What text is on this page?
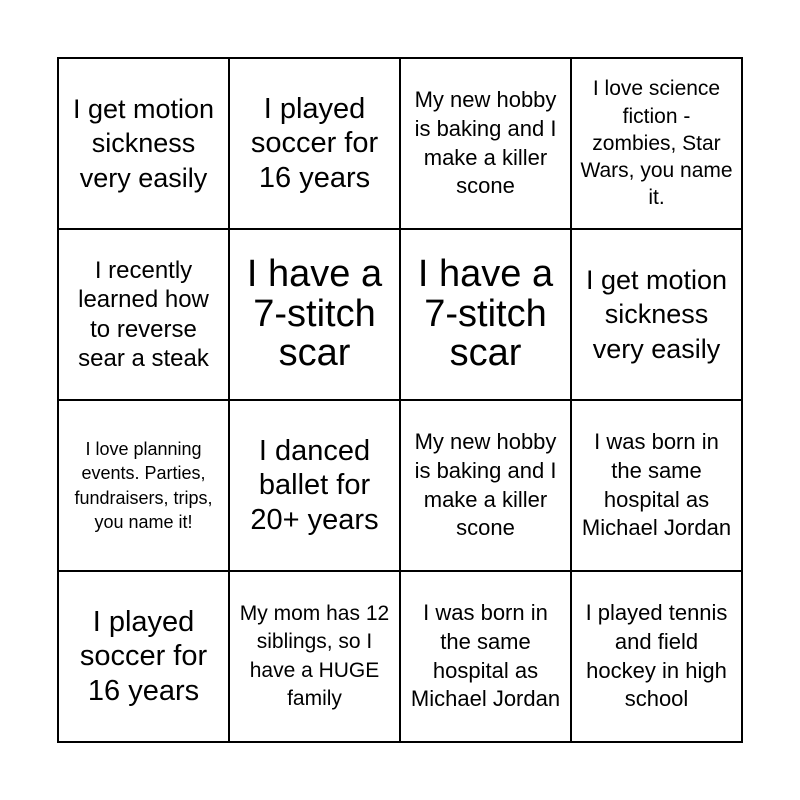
I get motion sickness very easily
I played soccer for 16 years
My new hobby is baking and I make a killer scone
I love science fiction - zombies, Star Wars, you name it.
I recently learned how to reverse sear a steak
I have a 7-stitch scar
I have a 7-stitch scar
I get motion sickness very easily
I love planning events. Parties, fundraisers, trips, you name it!
I danced ballet for 20+ years
My new hobby is baking and I make a killer scone
I was born in the same hospital as Michael Jordan
I played soccer for 16 years
My mom has 12 siblings, so I have a HUGE family
I was born in the same hospital as Michael Jordan
I played tennis and field hockey in high school
